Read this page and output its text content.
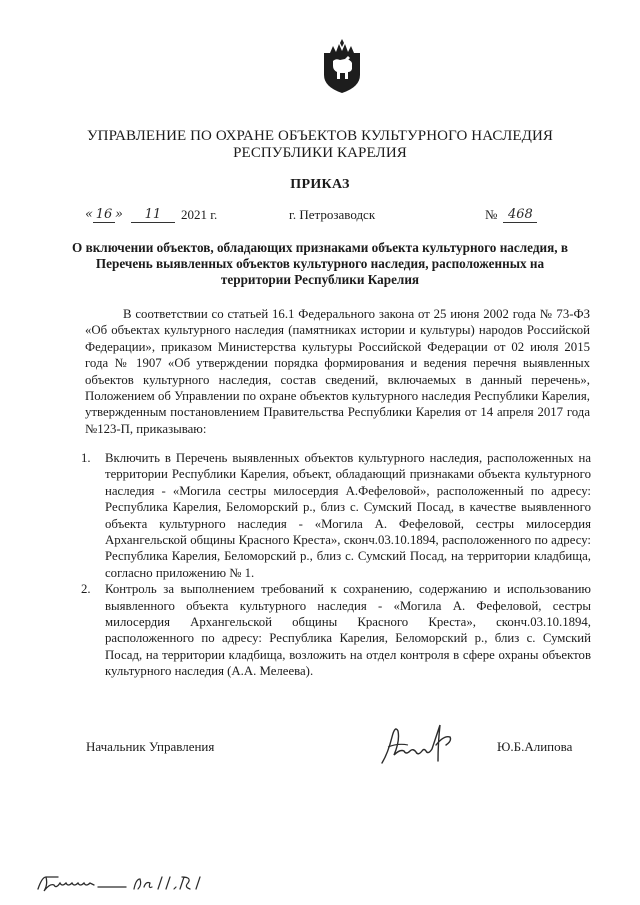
УПРАВЛЕНИЕ ПО ОХРАНЕ ОБЪЕКТОВ КУЛЬТУРНОГО НАСЛЕДИЯ
РЕСПУБЛИКИ КАРЕЛИЯ
ПРИКАЗ
« 16 »	11	2021 г.	г. Петрозаводск	№ 468
О включении объектов, обладающих признаками объекта культурного наследия, в Перечень выявленных объектов культурного наследия, расположенных на территории Республики Карелия

В соответствии со статьей 16.1 Федерального закона от 25 июня 2002 года № 73-ФЗ «Об объектах культурного наследия (памятниках истории и культуры) народов Российской Федерации», приказом Министерства культуры Российской Федерации от 02 июля 2015 года № 1907 «Об утверждении порядка формирования и ведения перечня выявленных объектов культурного наследия, состав сведений, включаемых в данный перечень», Положением об Управлении по охране объектов культурного наследия Республики Карелия, утвержденным постановлением Правительства Республики Карелия от 14 апреля 2017 года №123-П, приказываю:

1. Включить в Перечень выявленных объектов культурного наследия, расположенных на территории Республики Карелия, объект, обладающий признаками объекта культурного наследия - «Могила сестры милосердия А.Фефеловой», расположенный по адресу: Республика Карелия, Беломорский р., близ с. Сумский Посад, в качестве выявленного объекта культурного наследия - «Могила А. Фефеловой, сестры милосердия Архангельской общины Красного Креста», сконч.03.10.1894, расположенного по адресу: Республика Карелия, Беломорский р., близ с. Сумский Посад, на территории кладбища, согласно приложению № 1.
2. Контроль за выполнением требований к сохранению, содержанию и использованию выявленного объекта культурного наследия - «Могила А. Фефеловой, сестры милосердия Архангельской общины Красного Креста», сконч.03.10.1894, расположенного по адресу: Республика Карелия, Беломорский р., близ с. Сумский Посад, на территории кладбища, возложить на отдел контроля в сфере охраны объектов культурного наследия (А.А. Мелеева).
Начальник Управления	Ю.Б.Алипова
